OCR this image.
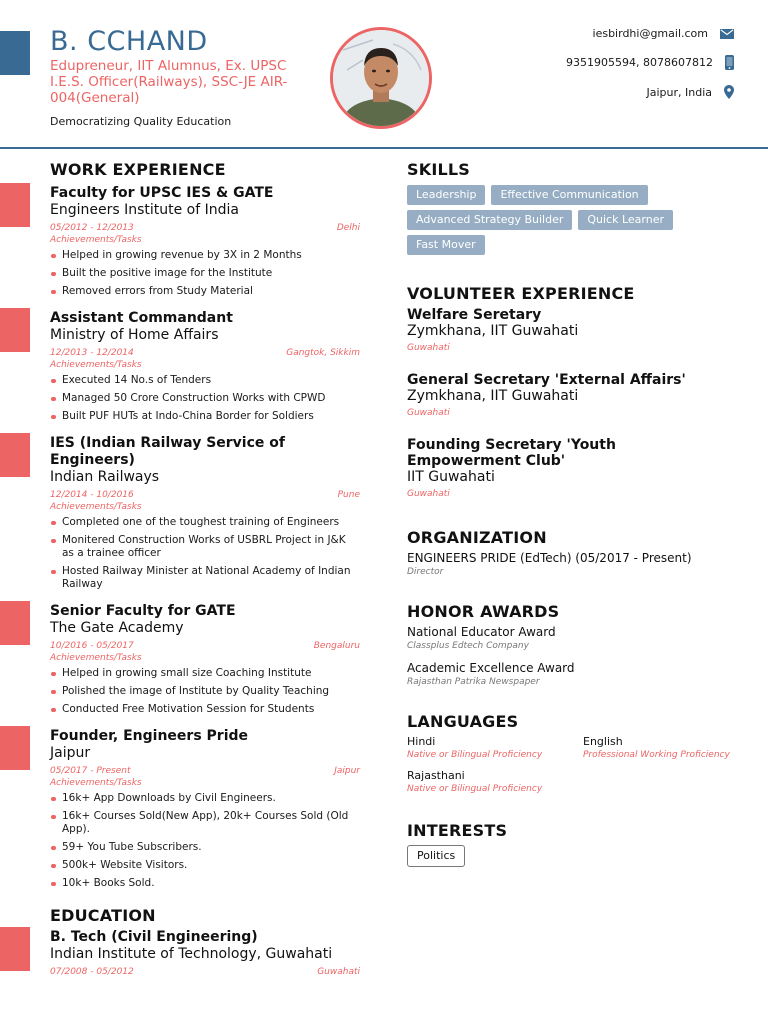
B. CCHAND
Edupreneur, IIT Alumnus, Ex. UPSC I.E.S. Officer(Railways), SSC-JE AIR-004(General)
Democratizing Quality Education
iesbirdhi@gmail.com
9351905594, 8078607812
Jaipur, India
WORK EXPERIENCE
Faculty for UPSC IES & GATE
Engineers Institute of India
05/2012 - 12/2013	Delhi
Achievements/Tasks
Helped in growing revenue by 3X in 2 Months
Built the positive image for the Institute
Removed errors from Study Material
Assistant Commandant
Ministry of Home Affairs
12/2013 - 12/2014	Gangtok, Sikkim
Achievements/Tasks
Executed 14 No.s of Tenders
Managed 50 Crore Construction Works with CPWD
Built PUF HUTs at Indo-China Border for Soldiers
IES (Indian Railway Service of Engineers)
Indian Railways
12/2014 - 10/2016	Pune
Achievements/Tasks
Completed one of the toughest training of Engineers
Monitered Construction Works of USBRL Project in J&K as a trainee officer
Hosted Railway Minister at National Academy of Indian Railway
Senior Faculty for GATE
The Gate Academy
10/2016 - 05/2017	Bengaluru
Achievements/Tasks
Helped in growing small size Coaching Institute
Polished the image of Institute by Quality Teaching
Conducted Free Motivation Session for Students
Founder, Engineers Pride
Jaipur
05/2017 - Present	Jaipur
Achievements/Tasks
16k+ App Downloads by Civil Engineers.
16k+ Courses Sold(New App), 20k+ Courses Sold (Old App).
59+ You Tube Subscribers.
500k+ Website Visitors.
10k+ Books Sold.
EDUCATION
B. Tech (Civil Engineering)
Indian Institute of Technology, Guwahati
07/2008 - 05/2012	Guwahati
SKILLS
Leadership	Effective Communication
Advanced Strategy Builder	Quick Learner
Fast Mover
VOLUNTEER EXPERIENCE
Welfare Seretary
Zymkhana, IIT Guwahati
Guwahati
General Secretary 'External Affairs'
Zymkhana, IIT Guwahati
Guwahati
Founding Secretary 'Youth Empowerment Club'
IIT Guwahati
Guwahati
ORGANIZATION
ENGINEERS PRIDE (EdTech) (05/2017 - Present)
Director
HONOR AWARDS
National Educator Award
Classplus Edtech Company
Academic Excellence Award
Rajasthan Patrika Newspaper
LANGUAGES
Hindi
Native or Bilingual Proficiency
English
Professional Working Proficiency
Rajasthani
Native or Bilingual Proficiency
INTERESTS
Politics
